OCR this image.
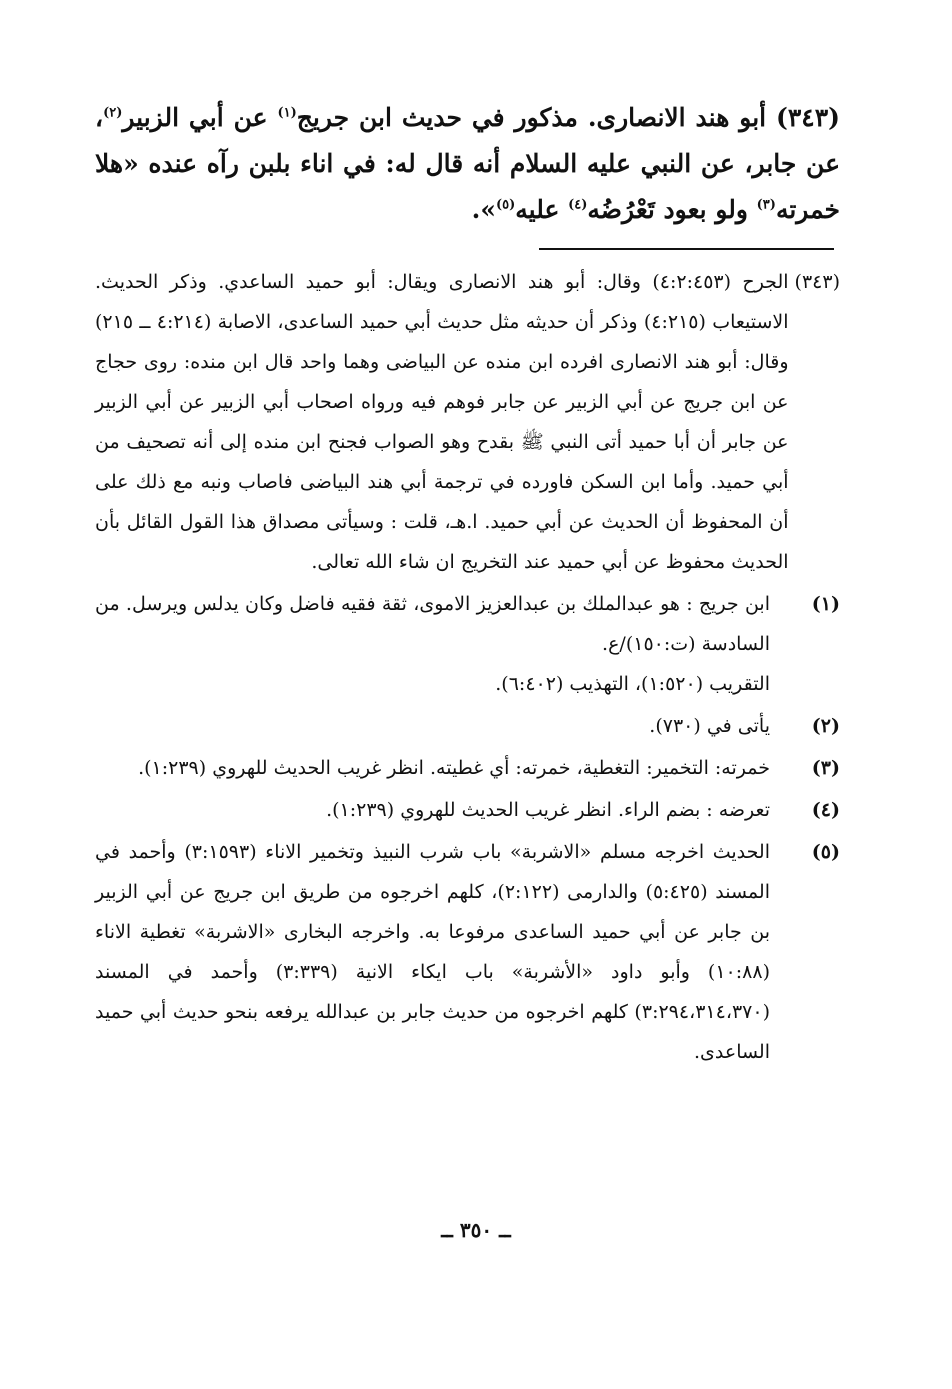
(٣٤٣) أبو هند الانصارى. مذكور في حديث ابن جريج$^{(١)}$ عن أبي الزبير$^{(٢)}$، عن جابر، عن النبي عليه السلام أنه قال له: في اناء بلبن رآه عنده «هلا خمرته$^{(٣)}$ ولو بعود تَعْرُضُه$^{(٤)}$ عليه$^{(٥)}$».
(٣٤٣)

الجرح (٤:٢:٤٥٣) وقال: أبو هند الانصارى ويقال: أبو حميد الساعدي. وذكر الحديث. الاستيعاب (٤:٢١٥) وذكر أن حديثه مثل حديث أبي حميد الساعدى، الاصابة (٤:٢١٤ ــ ٢١٥) وقال: أبو هند الانصارى افرده ابن منده عن البياضى وهما واحد قال ابن منده: روى حجاج عن ابن جريج عن أبي الزبير عن جابر فوهم فيه ورواه اصحاب أبي الزبير عن أبي الزبير عن جابر أن أبا حميد أتى النبي ﷺ بقدح وهو الصواب فجنح ابن منده إلى أنه تصحيف من أبي حميد. وأما ابن السكن فاورده في ترجمة أبي هند البياضى فاصاب ونبه مع ذلك على أن المحفوظ أن الحديث عن أبي حميد. ا.هـ، قلت : وسيأتى مصداق هذا القول القائل بأن الحديث محفوظ عن أبي حميد عند التخريج ان شاء الله تعالى.

(١)

ابن جريج : هو عبدالملك بن عبدالعزيز الاموى، ثقة فقيه فاضل وكان يدلس ويرسل. من السادسة (ت:١٥٠)/ع.

التقريب (١:٥٢٠)، التهذيب (٦:٤٠٢).

(٢)

يأتى في (٧٣٠).

(٣)

خمرته: التخمير: التغطية، خمرته: أي غطيته. انظر غريب الحديث للهروي (١:٢٣٩).

(٤)

تعرضه : بضم الراء. انظر غريب الحديث للهروي (١:٢٣٩).

(٥)

الحديث اخرجه مسلم «الاشربة» باب شرب النبيذ وتخمير الاناء (٣:١٥٩٣) وأحمد في المسند (٥:٤٢٥) والدارمى (٢:١٢٢)، كلهم اخرجوه من طريق ابن جريج عن أبي الزبير بن جابر عن أبي حميد الساعدى مرفوعا به. واخرجه البخارى «الاشربة» تغطية الاناء (١٠:٨٨) وأبو داود «الأشربة» باب ايكاء الانية (٣:٣٣٩) وأحمد في المسند (٣:٢٩٤،٣١٤،٣٧٠) كلهم اخرجوه من حديث جابر بن عبدالله يرفعه بنحو حديث أبي حميد الساعدى.

ــ ٣٥٠ ــ
